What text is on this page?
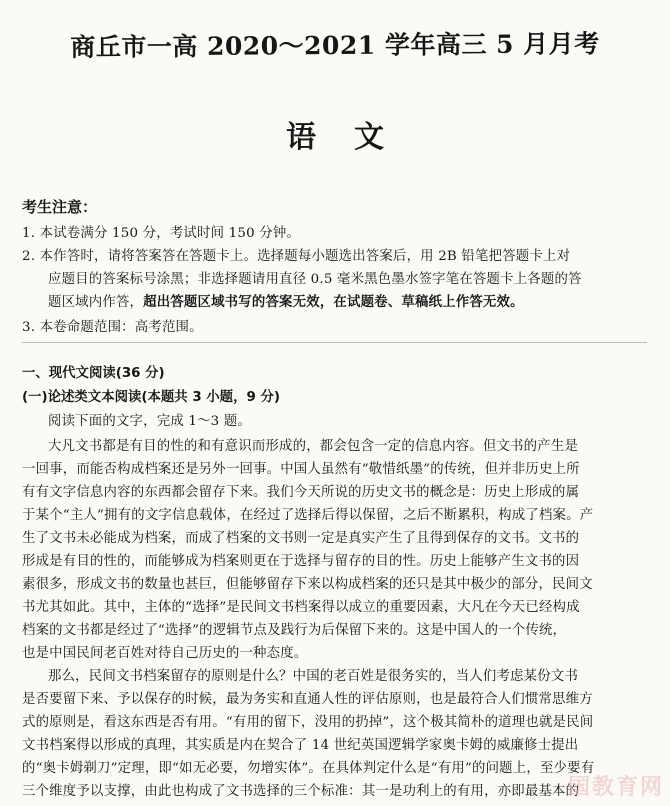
商丘市一高 2020～2021 学年高三 5 月月考
语文
考生注意：
1. 本试卷满分 150 分，考试时间 150 分钟。
2. 本作答时，请将答案答在答题卡上。选择题每小题选出答案后，用 2B 铅笔把答题卡上对
应题目的答案标号涂黑；非选择题请用直径 0.5 毫米黑色墨水签字笔在答题卡上各题的答
题区域内作答，超出答题区域书写的答案无效，在试题卷、草稿纸上作答无效。
3. 本卷命题范围：高考范围。
一、现代文阅读(36 分)
(一)论述类文本阅读(本题共 3 小题，9 分)
阅读下面的文字，完成 1～3 题。
大凡文书都是有目的性的和有意识而形成的，都会包含一定的信息内容。但文书的产生是
一回事，而能否构成档案还是另外一回事。中国人虽然有“敬惜纸墨”的传统，但并非历史上所
有有文字信息内容的东西都会留存下来。我们今天所说的历史文书的概念是：历史上形成的属
于某个“主人”拥有的文字信息载体，在经过了选择后得以保留，之后不断累积，构成了档案。产
生了文书未必能成为档案，而成了档案的文书则一定是真实产生了且得到保存的文书。文书的
形成是有目的性的，而能够成为档案则更在于选择与留存的目的性。历史上能够产生文书的因
素很多，形成文书的数量也甚巨，但能够留存下来以构成档案的还只是其中极少的部分，民间文
书尤其如此。其中，主体的“选择”是民间文书档案得以成立的重要因素，大凡在今天已经构成
档案的文书都是经过了“选择”的逻辑节点及践行为后保留下来的。这是中国人的一个传统，
也是中国民间老百姓对待自己历史的一种态度。
那么，民间文书档案留存的原则是什么？中国的老百姓是很务实的，当人们考虑某份文书
是否要留下来、予以保存的时候，最为务实和直通人性的评估原则，也是最符合人们惯常思维方
式的原则是，看这东西是否有用。“有用的留下，没用的扔掉”，这个极其简朴的道理也就是民间
文书档案得以形成的真理，其实质是内在契合了 14 世纪英国逻辑学家奥卡姆的威廉修士提出
的“奥卡姆剃刀”定理，即“如无必要，勿增实体”。在具体判定什么是“有用”的问题上，至少要有
三个维度予以支撑，由此也构成了文书选择的三个标准：其一是功利上的有用，亦即最基本的
国教育网
